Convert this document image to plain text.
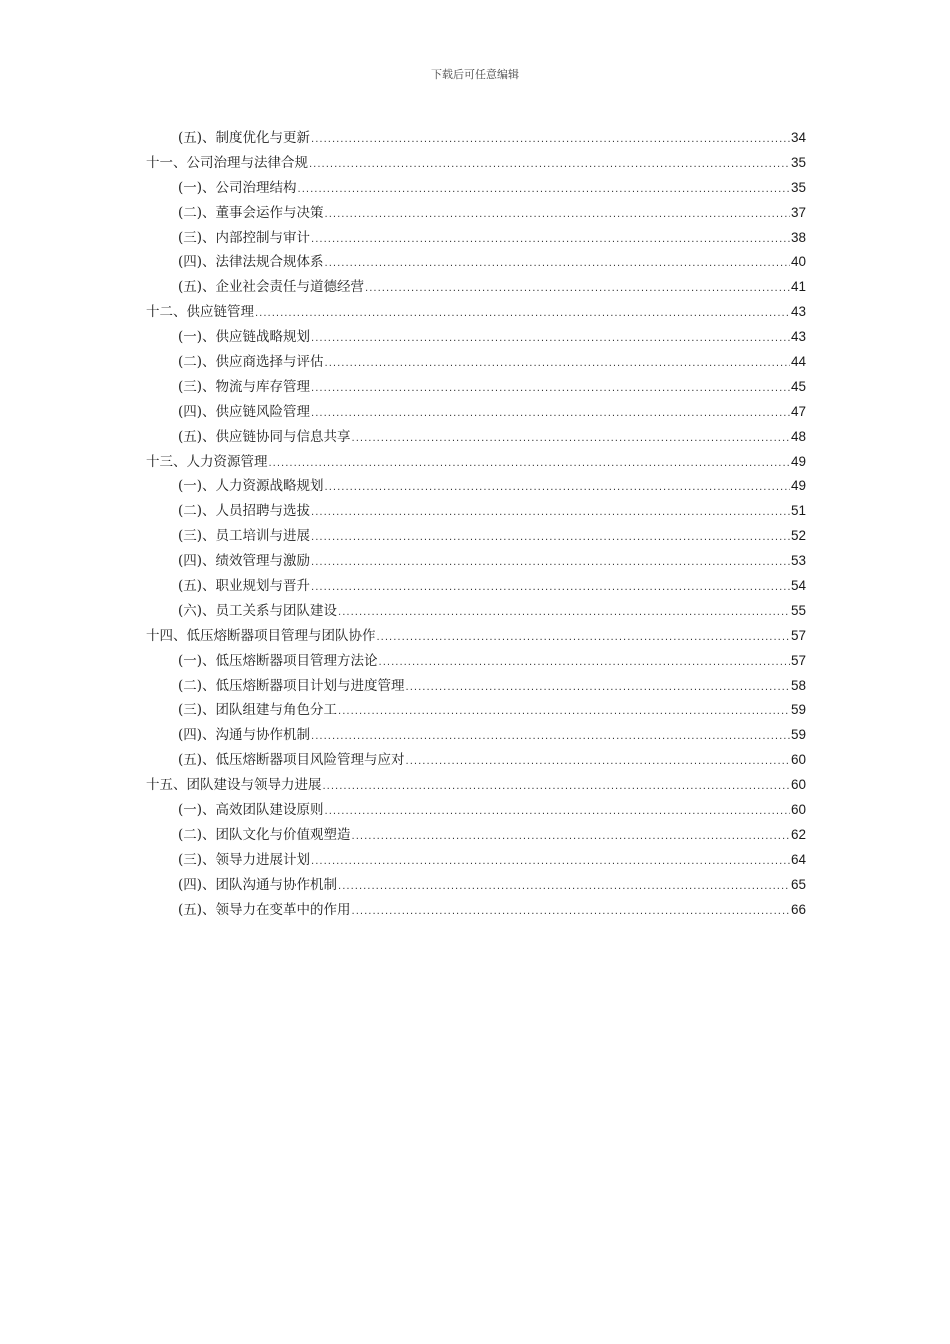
下载后可任意编辑
(五)、制度优化与更新 .....	34
十一、公司治理与法律合规 .....	35
(一)、公司治理结构 .....	35
(二)、董事会运作与决策 .....	37
(三)、内部控制与审计 .....	38
(四)、法律法规合规体系 .....	40
(五)、企业社会责任与道德经营 .....	41
十二、供应链管理 .....	43
(一)、供应链战略规划 .....	43
(二)、供应商选择与评估 .....	44
(三)、物流与库存管理 .....	45
(四)、供应链风险管理 .....	47
(五)、供应链协同与信息共享 .....	48
十三、人力资源管理 .....	49
(一)、人力资源战略规划 .....	49
(二)、人员招聘与选拔 .....	51
(三)、员工培训与进展 .....	52
(四)、绩效管理与激励 .....	53
(五)、职业规划与晋升 .....	54
(六)、员工关系与团队建设 .....	55
十四、低压熔断器项目管理与团队协作 .....	57
(一)、低压熔断器项目管理方法论 .....	57
(二)、低压熔断器项目计划与进度管理 .....	58
(三)、团队组建与角色分工 .....	59
(四)、沟通与协作机制 .....	59
(五)、低压熔断器项目风险管理与应对 .....	60
十五、团队建设与领导力进展 .....	60
(一)、高效团队建设原则 .....	60
(二)、团队文化与价值观塑造 .....	62
(三)、领导力进展计划 .....	64
(四)、团队沟通与协作机制 .....	65
(五)、领导力在变革中的作用 .....	66
